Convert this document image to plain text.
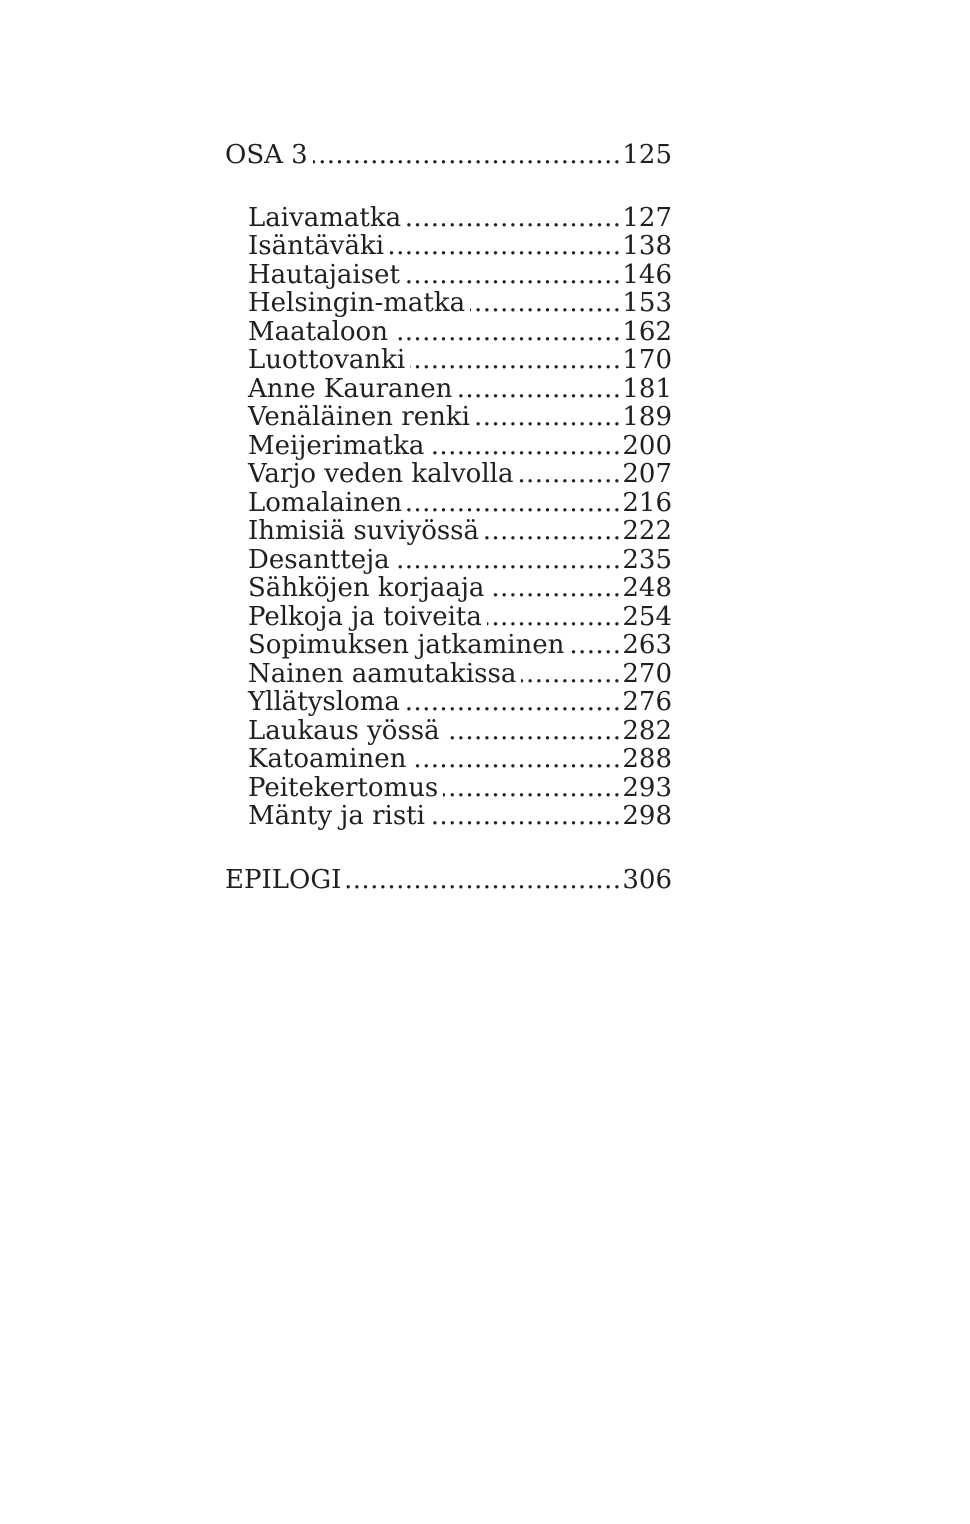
OSA 3 .....	125
Laivamatka .....	127
Isäntäväki .....	138
Hautajaiset .....	146
Helsingin-matka .....	153
Maataloon .....	162
Luottovanki .....	170
Anne Kauranen .....	181
Venäläinen renki .....	189
Meijerimatka .....	200
Varjo veden kalvolla .....	207
Lomalainen .....	216
Ihmisiä suviyössä .....	222
Desantteja .....	235
Sähköjen korjaaja .....	248
Pelkoja ja toiveita .....	254
Sopimuksen jatkaminen ..... 263
Nainen aamutakissa .....	270
Yllätysloma .....	276
Laukaus yössä .....	282
Katoaminen .....	288
Peitekertomus .....	293
Mänty ja risti .....	298
EPILOGI .....	306
